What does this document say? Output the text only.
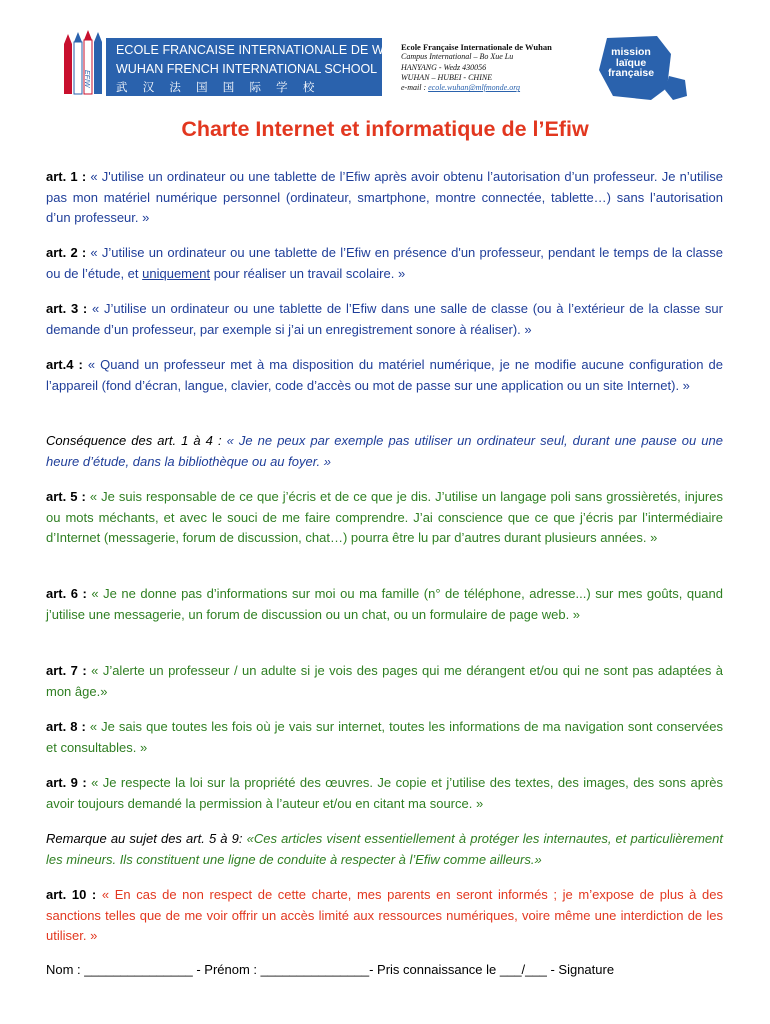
EFIW
ECOLE FRANCAISE INTERNATIONALE DE WUHAN
WUHAN FRENCH INTERNATIONAL SCHOOL
武 汉 法 国 国 际 学 校
Ecole Française Internationale de Wuhan
Campus International – Bo Xue Lu
HANYANG - Wedz 430056
WUHAN – HUBEI - CHINE
e-mail : ecole.wuhan@mlfmonde.org
mission
laïque
française
Charte Internet et informatique de l’Efiw
art. 1 : « J'utilise un ordinateur ou une tablette de l’Efiw après avoir obtenu l’autorisation d’un professeur. Je n’utilise pas mon matériel numérique personnel (ordinateur, smartphone, montre connectée, tablette…) sans l’autorisation d’un professeur. »
art. 2 : « J’utilise un ordinateur ou une tablette de l’Efiw en présence d'un professeur, pendant le temps de la classe ou de l’étude, et uniquement pour réaliser un travail scolaire. »
art. 3 : « J’utilise un ordinateur ou une tablette de l’Efiw dans une salle de classe (ou à l’extérieur de la classe sur demande d’un professeur, par exemple si j’ai un enregistrement sonore à réaliser). »
art.4 : « Quand un professeur met à ma disposition du matériel numérique, je ne modifie aucune configuration de l’appareil (fond d’écran, langue, clavier, code d’accès ou mot de passe sur une application ou un site Internet). »
Conséquence des art. 1 à 4 : « Je ne peux par exemple pas utiliser un ordinateur seul, durant une pause ou une heure d’étude, dans la bibliothèque ou au foyer. »
art. 5 : « Je suis responsable de ce que j’écris et de ce que je dis. J’utilise un langage poli sans grossièretés, injures ou mots méchants, et avec le souci de me faire comprendre. J’ai conscience que ce que j’écris par l’intermédiaire d’Internet (messagerie, forum de discussion, chat…) pourra être lu par d’autres durant plusieurs années. »
art. 6 : « Je ne donne pas d’informations sur moi ou ma famille (n° de téléphone, adresse...) sur mes goûts, quand j’utilise une messagerie, un forum de discussion ou un chat, ou un formulaire de page web. »
art. 7 : « J’alerte un professeur / un adulte si je vois des pages qui me dérangent et/ou qui ne sont pas adaptées à mon âge.»
art. 8 : « Je sais que toutes les fois où je vais sur internet, toutes les informations de ma navigation sont conservées et consultables. »
art. 9 : « Je respecte la loi sur la propriété des œuvres. Je copie et j’utilise des textes, des images, des sons après avoir toujours demandé la permission à l’auteur et/ou en citant ma source. »
Remarque au sujet des art. 5 à 9: «Ces articles visent essentiellement à protéger les internautes, et particulièrement les mineurs. Ils constituent une ligne de conduite à respecter à l’Efiw comme ailleurs.»
art. 10 : « En cas de non respect de cette charte, mes parents en seront informés ; je m’expose de plus à des sanctions telles que de me voir offrir un accès limité aux ressources numériques, voire même une interdiction de les utiliser. »
Nom : _______________ - Prénom : _______________- Pris connaissance le ___/___ - Signature
